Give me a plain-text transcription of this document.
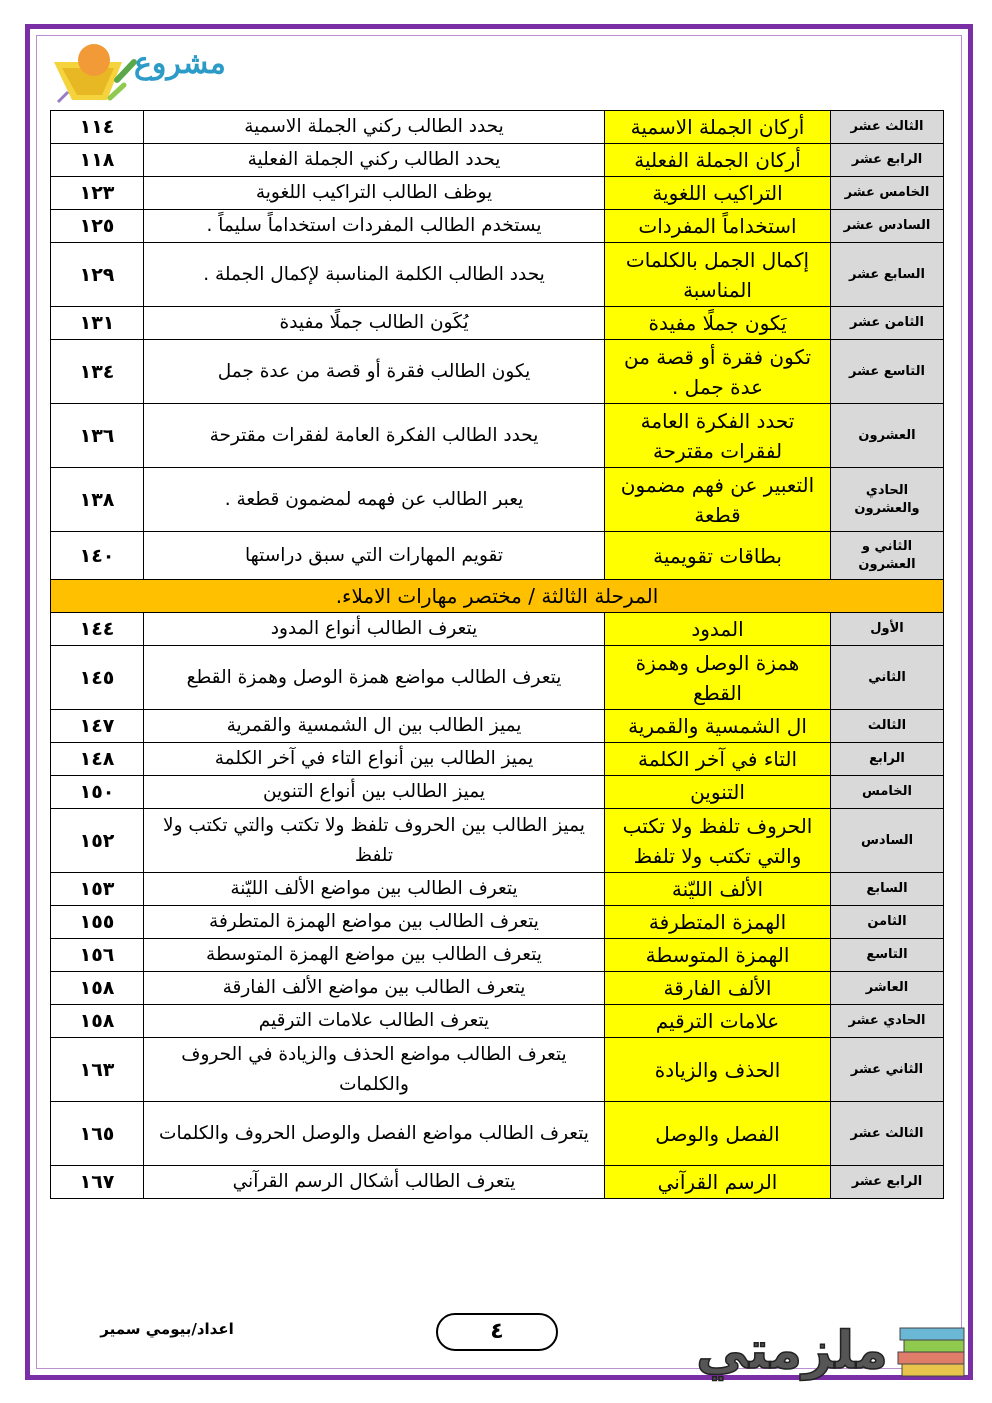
مشروع
الثالث عشر	أركان الجملة الاسمية	يحدد الطالب ركني الجملة الاسمية	١١٤
الرابع عشر	أركان الجملة الفعلية	يحدد الطالب ركني الجملة الفعلية	١١٨
الخامس عشر	التراكيب اللغوية	يوظف الطالب التراكيب اللغوية	١٢٣
السادس عشر	استخداماً المفردات	يستخدم الطالب المفردات استخداماً سليماً .	١٢٥
السابع عشر	إكمال الجمل بالكلمات المناسبة	يحدد الطالب الكلمة المناسبة لإكمال الجملة .	١٢٩
الثامن عشر	يَكون جملًا مفيدة	يُكَون الطالب جملًا مفيدة	١٣١
التاسع عشر	تكون فقرة أو قصة من عدة جمل .	يكون الطالب فقرة أو قصة من عدة جمل	١٣٤
العشرون	تحدد الفكرة العامة لفقرات مقترحة	يحدد الطالب الفكرة العامة لفقرات مقترحة	١٣٦
الحادي والعشرون	التعبير عن فهم مضمون قطعة	يعبر الطالب عن فهمه لمضمون قطعة .	١٣٨
الثاني و العشرون	بطاقات تقويمية	تقويم المهارات التي سبق دراستها	١٤٠
المرحلة الثالثة / مختصر مهارات الاملاء.			
الأول	المدود	يتعرف الطالب أنواع المدود	١٤٤
الثاني	همزة الوصل وهمزة القطع	يتعرف الطالب مواضع همزة الوصل وهمزة القطع	١٤٥
الثالث	ال الشمسية والقمرية	يميز الطالب بين ال الشمسية والقمرية	١٤٧
الرابع	التاء في آخر الكلمة	يميز الطالب بين أنواع التاء في آخر الكلمة	١٤٨
الخامس	التنوين	يميز الطالب بين أنواع التنوين	١٥٠
السادس	الحروف تلفظ ولا تكتب والتي تكتب ولا تلفظ	يميز الطالب بين الحروف تلفظ ولا تكتب والتي تكتب ولا تلفظ	١٥٢
السابع	الألف الليّنة	يتعرف الطالب بين مواضع الألف الليّنة	١٥٣
الثامن	الهمزة المتطرفة	يتعرف الطالب بين مواضع الهمزة المتطرفة	١٥٥
التاسع	الهمزة المتوسطة	يتعرف الطالب بين مواضع الهمزة المتوسطة	١٥٦
العاشر	الألف الفارقة	يتعرف الطالب بين مواضع الألف الفارقة	١٥٨
الحادي عشر	علامات الترقيم	يتعرف الطالب علامات الترقيم	١٥٨
الثاني عشر	الحذف والزيادة	يتعرف الطالب مواضع الحذف والزيادة في الحروف والكلمات	١٦٣
الثالث عشر	الفصل والوصل	يتعرف الطالب مواضع الفصل والوصل الحروف والكلمات	١٦٥
الرابع عشر	الرسم القرآني	يتعرف الطالب أشكال الرسم القرآني	١٦٧
اعداد/بيومي سمير	٤	ملزمتي
